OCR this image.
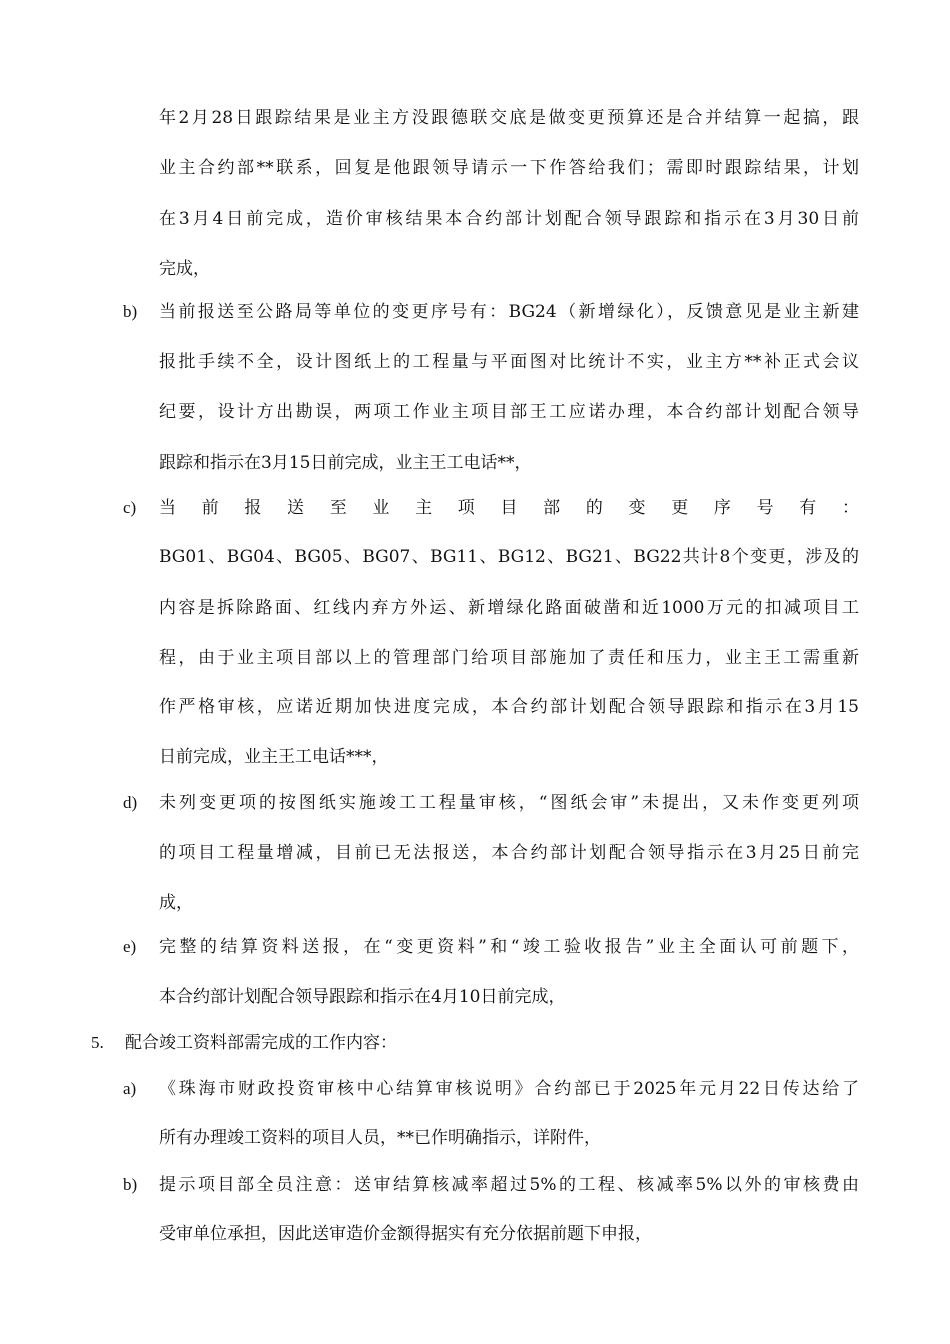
年2月28日跟踪结果是业主方没跟德联交底是做变更预算还是合并结算一起搞，跟
业主合约部**联系，回复是他跟领导请示一下作答给我们；需即时跟踪结果，计划
在3月4日前完成，造价审核结果本合约部计划配合领导跟踪和指示在3月30日前
完成，
b) 当前报送至公路局等单位的变更序号有：BG24（新增绿化），反馈意见是业主新建
报批手续不全，设计图纸上的工程量与平面图对比统计不实，业主方**补正式会议
纪要，设计方出勘误，两项工作业主项目部王工应诺办理，本合约部计划配合领导
跟踪和指示在3月15日前完成，业主王工电话**，
c) 当前报送至业主项目部的变更序号有：
BG01、BG04、BG05、BG07、BG11、BG12、BG21、BG22共计8个变更，涉及的
内容是拆除路面、红线内弃方外运、新增绿化路面破凿和近1000万元的扣减项目工
程，由于业主项目部以上的管理部门给项目部施加了责任和压力，业主王工需重新
作严格审核，应诺近期加快进度完成，本合约部计划配合领导跟踪和指示在3月15
日前完成，业主王工电话***，
d) 未列变更项的按图纸实施竣工工程量审核，“图纸会审”未提出，又未作变更列项
的项目工程量增减，目前已无法报送，本合约部计划配合领导指示在3月25日前完
成，
e) 完整的结算资料送报，在“变更资料”和“竣工验收报告”业主全面认可前题下，
本合约部计划配合领导跟踪和指示在4月10日前完成，
5. 配合竣工资料部需完成的工作内容：
a) 《珠海市财政投资审核中心结算审核说明》合约部已于2025年元月22日传达给了
所有办理竣工资料的项目人员，**已作明确指示，详附件，
b) 提示项目部全员注意：送审结算核减率超过5%的工程、核减率5%以外的审核费由
受审单位承担，因此送审造价金额得据实有充分依据前题下申报，
